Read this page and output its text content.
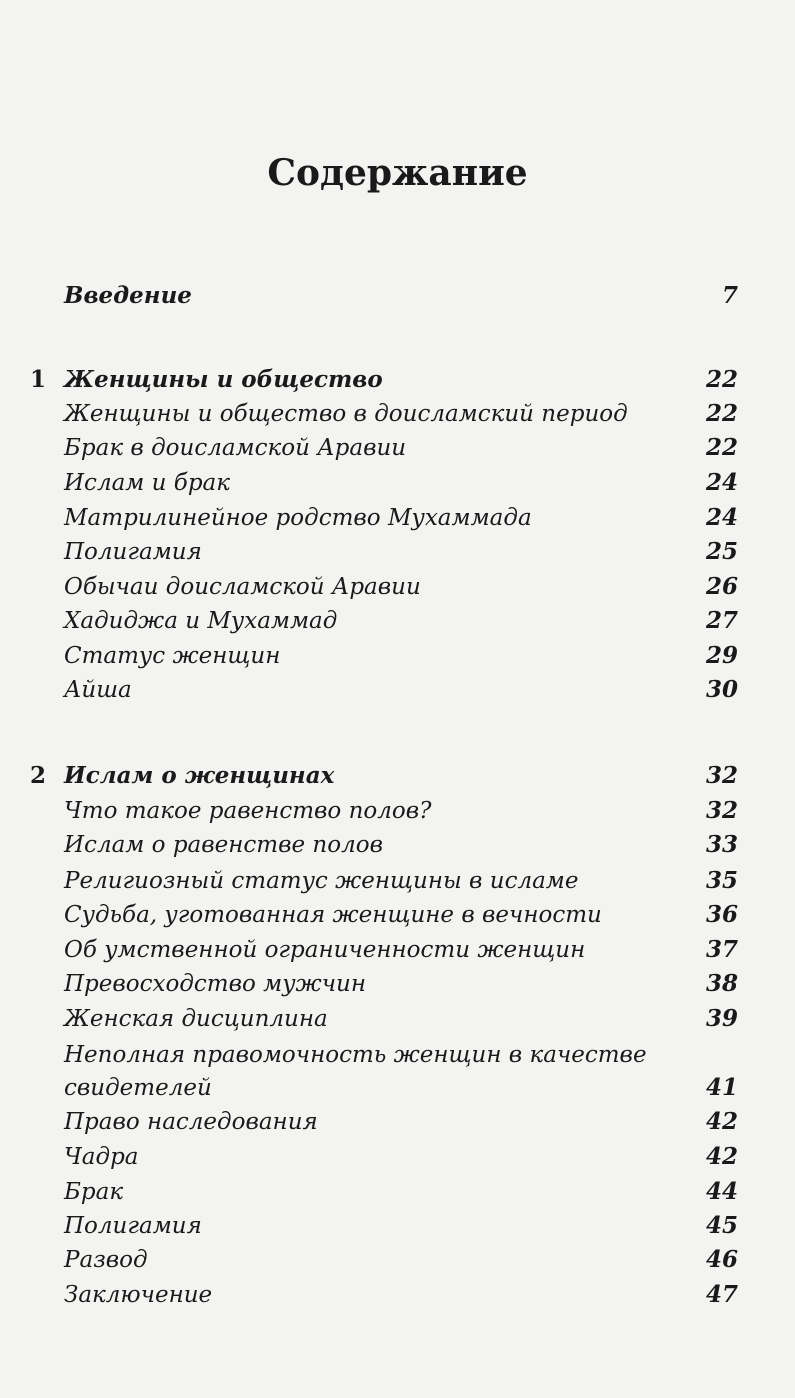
Содержание
Введение	7
1 Женщины и общество	22
Женщины и общество в доисламский период	22
Брак в доисламской Аравии	22
Ислам и брак	24
Матрилинейное родство Мухаммада	24
Полигамия	25
Обычаи доисламской Аравии	26
Хадиджа и Мухаммад	27
Статус женщин	29
Айша	30
2 Ислам о женщинах	32
Что такое равенство полов?	32
Ислам о равенстве полов	33
Религиозный статус женщины в исламе	35
Судьба, уготованная женщине в вечности	36
Об умственной ограниченности женщин	37
Превосходство мужчин	38
Женская дисциплина	39
Неполная правомочность женщин в качестве
свидетелей	41
Право наследования	42
Чадра	42
Брак	44
Полигамия	45
Развод	46
Заключение	47
